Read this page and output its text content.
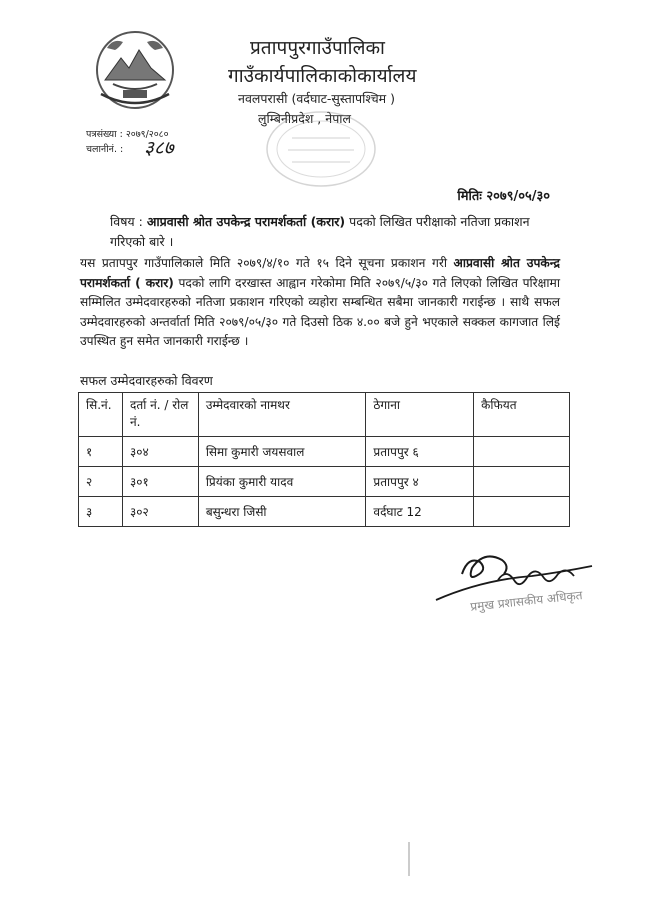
प्रतापपुरगाउँपालिका
गाउँकार्यपालिकाकोकार्यालय
नवलपरासी (वर्दघाट-सुस्तापश्चिम )
लुम्बिनीप्रदेश , नेपाल
पत्रसंख्या : २०७९/२०८०
चलानीनं. : ३८७
मितिः २०७९/०५/३०
विषय : आप्रवासी श्रोत उपकेन्द्र परामर्शकर्ता (करार) पदको लिखित परीक्षाको नतिजा प्रकाशन गरिएको बारे ।
यस प्रतापपुर गाउँपालिकाले मिति २०७९/४/१० गते १५ दिने सूचना प्रकाशन गरी आप्रवासी श्रोत उपकेन्द्र परामर्शकर्ता ( करार) पदको लागि दरखास्त आह्वान गरेकोमा मिति २०७९/५/३० गते लिएको लिखित परिक्षामा सम्मिलित उम्मेदवारहरुको नतिजा प्रकाशन गरिएको व्यहोरा सम्बन्धित सबैमा जानकारी गराईन्छ । साथै सफल उम्मेदवारहरुको अन्तर्वार्ता मिति २०७९/०५/३० गते दिउसो ठिक ४.०० बजे हुने भएकाले सक्कल कागजात लिई उपस्थित हुन समेत जानकारी गराईन्छ ।
सफल उम्मेदवारहरुको विवरण
सि.नं.	दर्ता नं. / रोल नं.	उम्मेदवारको नामथर	ठेगाना	कैफियत
१	३०४	सिमा कुमारी जयसवाल	प्रतापपुर ६	
२	३०१	प्रियंका कुमारी यादव	प्रतापपुर ४	
३	३०२	बसुन्धरा जिसी	वर्दघाट 12	
प्रमुख प्रशासकीय अधिकृत
